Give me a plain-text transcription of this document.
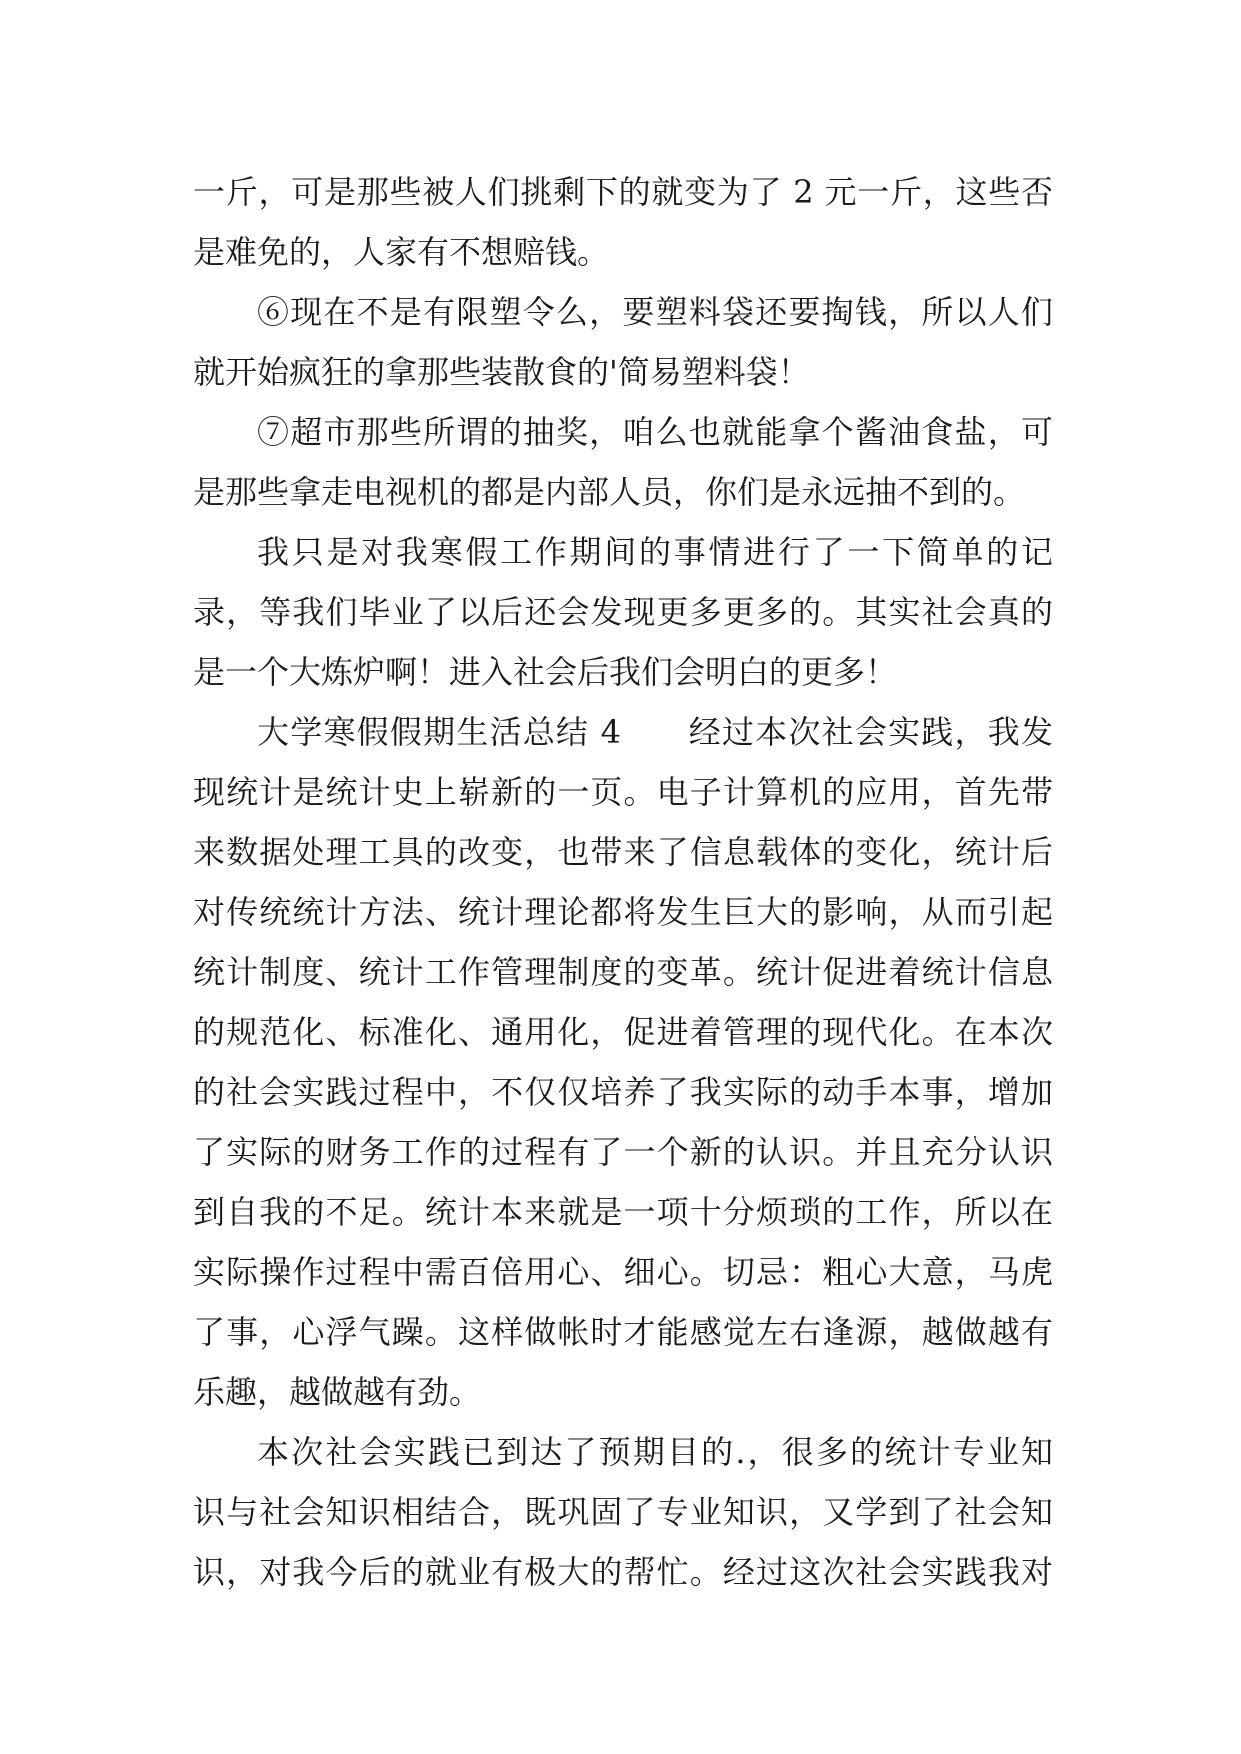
一斤，可是那些被人们挑剩下的就变为了 2 元一斤，这些否
是难免的，人家有不想赔钱。
⑥现在不是有限塑令么，要塑料袋还要掏钱，所以人们
就开始疯狂的拿那些装散食的'简易塑料袋！
⑦超市那些所谓的抽奖，咱么也就能拿个酱油食盐，可
是那些拿走电视机的都是内部人员，你们是永远抽不到的。
我只是对我寒假工作期间的事情进行了一下简单的记
录，等我们毕业了以后还会发现更多更多的。其实社会真的
是一个大炼炉啊！进入社会后我们会明白的更多！
大学寒假假期生活总结 4　　经过本次社会实践，我发
现统计是统计史上崭新的一页。电子计算机的应用，首先带
来数据处理工具的改变，也带来了信息载体的变化，统计后
对传统统计方法、统计理论都将发生巨大的影响，从而引起
统计制度、统计工作管理制度的变革。统计促进着统计信息
的规范化、标准化、通用化，促进着管理的现代化。在本次
的社会实践过程中，不仅仅培养了我实际的动手本事，增加
了实际的财务工作的过程有了一个新的认识。并且充分认识
到自我的不足。统计本来就是一项十分烦琐的工作，所以在
实际操作过程中需百倍用心、细心。切忌：粗心大意，马虎
了事，心浮气躁。这样做帐时才能感觉左右逢源，越做越有
乐趣，越做越有劲。
本次社会实践已到达了预期目的.，很多的统计专业知
识与社会知识相结合，既巩固了专业知识，又学到了社会知
识，对我今后的就业有极大的帮忙。经过这次社会实践我对
